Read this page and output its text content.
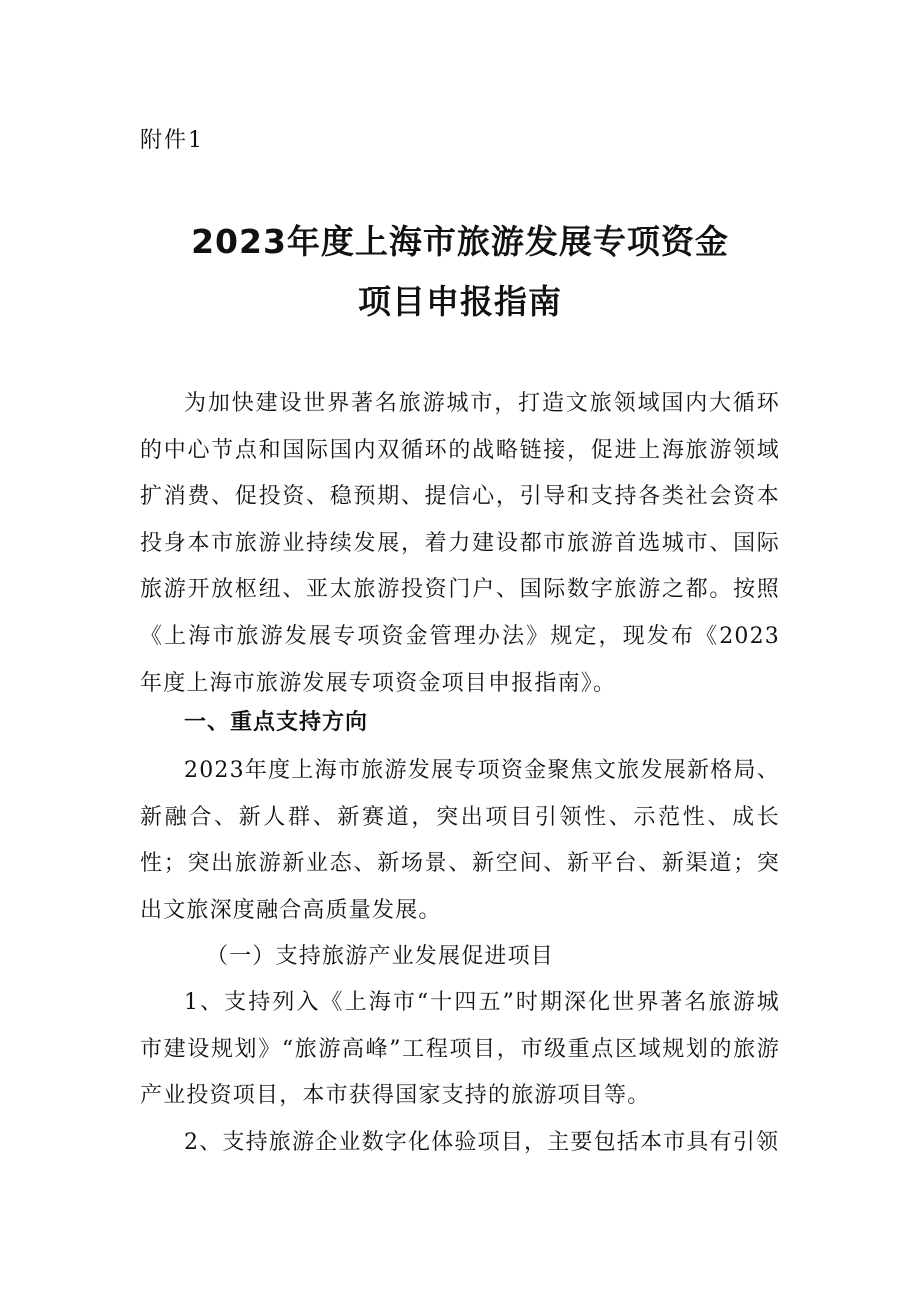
附件1
2023年度上海市旅游发展专项资金
项目申报指南

为加快建设世界著名旅游城市，打造文旅领域国内大循环的中心节点和国际国内双循环的战略链接，促进上海旅游领域扩消费、促投资、稳预期、提信心，引导和支持各类社会资本投身本市旅游业持续发展，着力建设都市旅游首选城市、国际旅游开放枢纽、亚太旅游投资门户、国际数字旅游之都。按照《上海市旅游发展专项资金管理办法》规定，现发布《2023年度上海市旅游发展专项资金项目申报指南》。

一、重点支持方向

2023年度上海市旅游发展专项资金聚焦文旅发展新格局、新融合、新人群、新赛道，突出项目引领性、示范性、成长性；突出旅游新业态、新场景、新空间、新平台、新渠道；突出文旅深度融合高质量发展。

（一）支持旅游产业发展促进项目

1、支持列入《上海市“十四五”时期深化世界著名旅游城市建设规划》“旅游高峰”工程项目，市级重点区域规划的旅游产业投资项目，本市获得国家支持的旅游项目等。

2、支持旅游企业数字化体验项目，主要包括本市具有引领
